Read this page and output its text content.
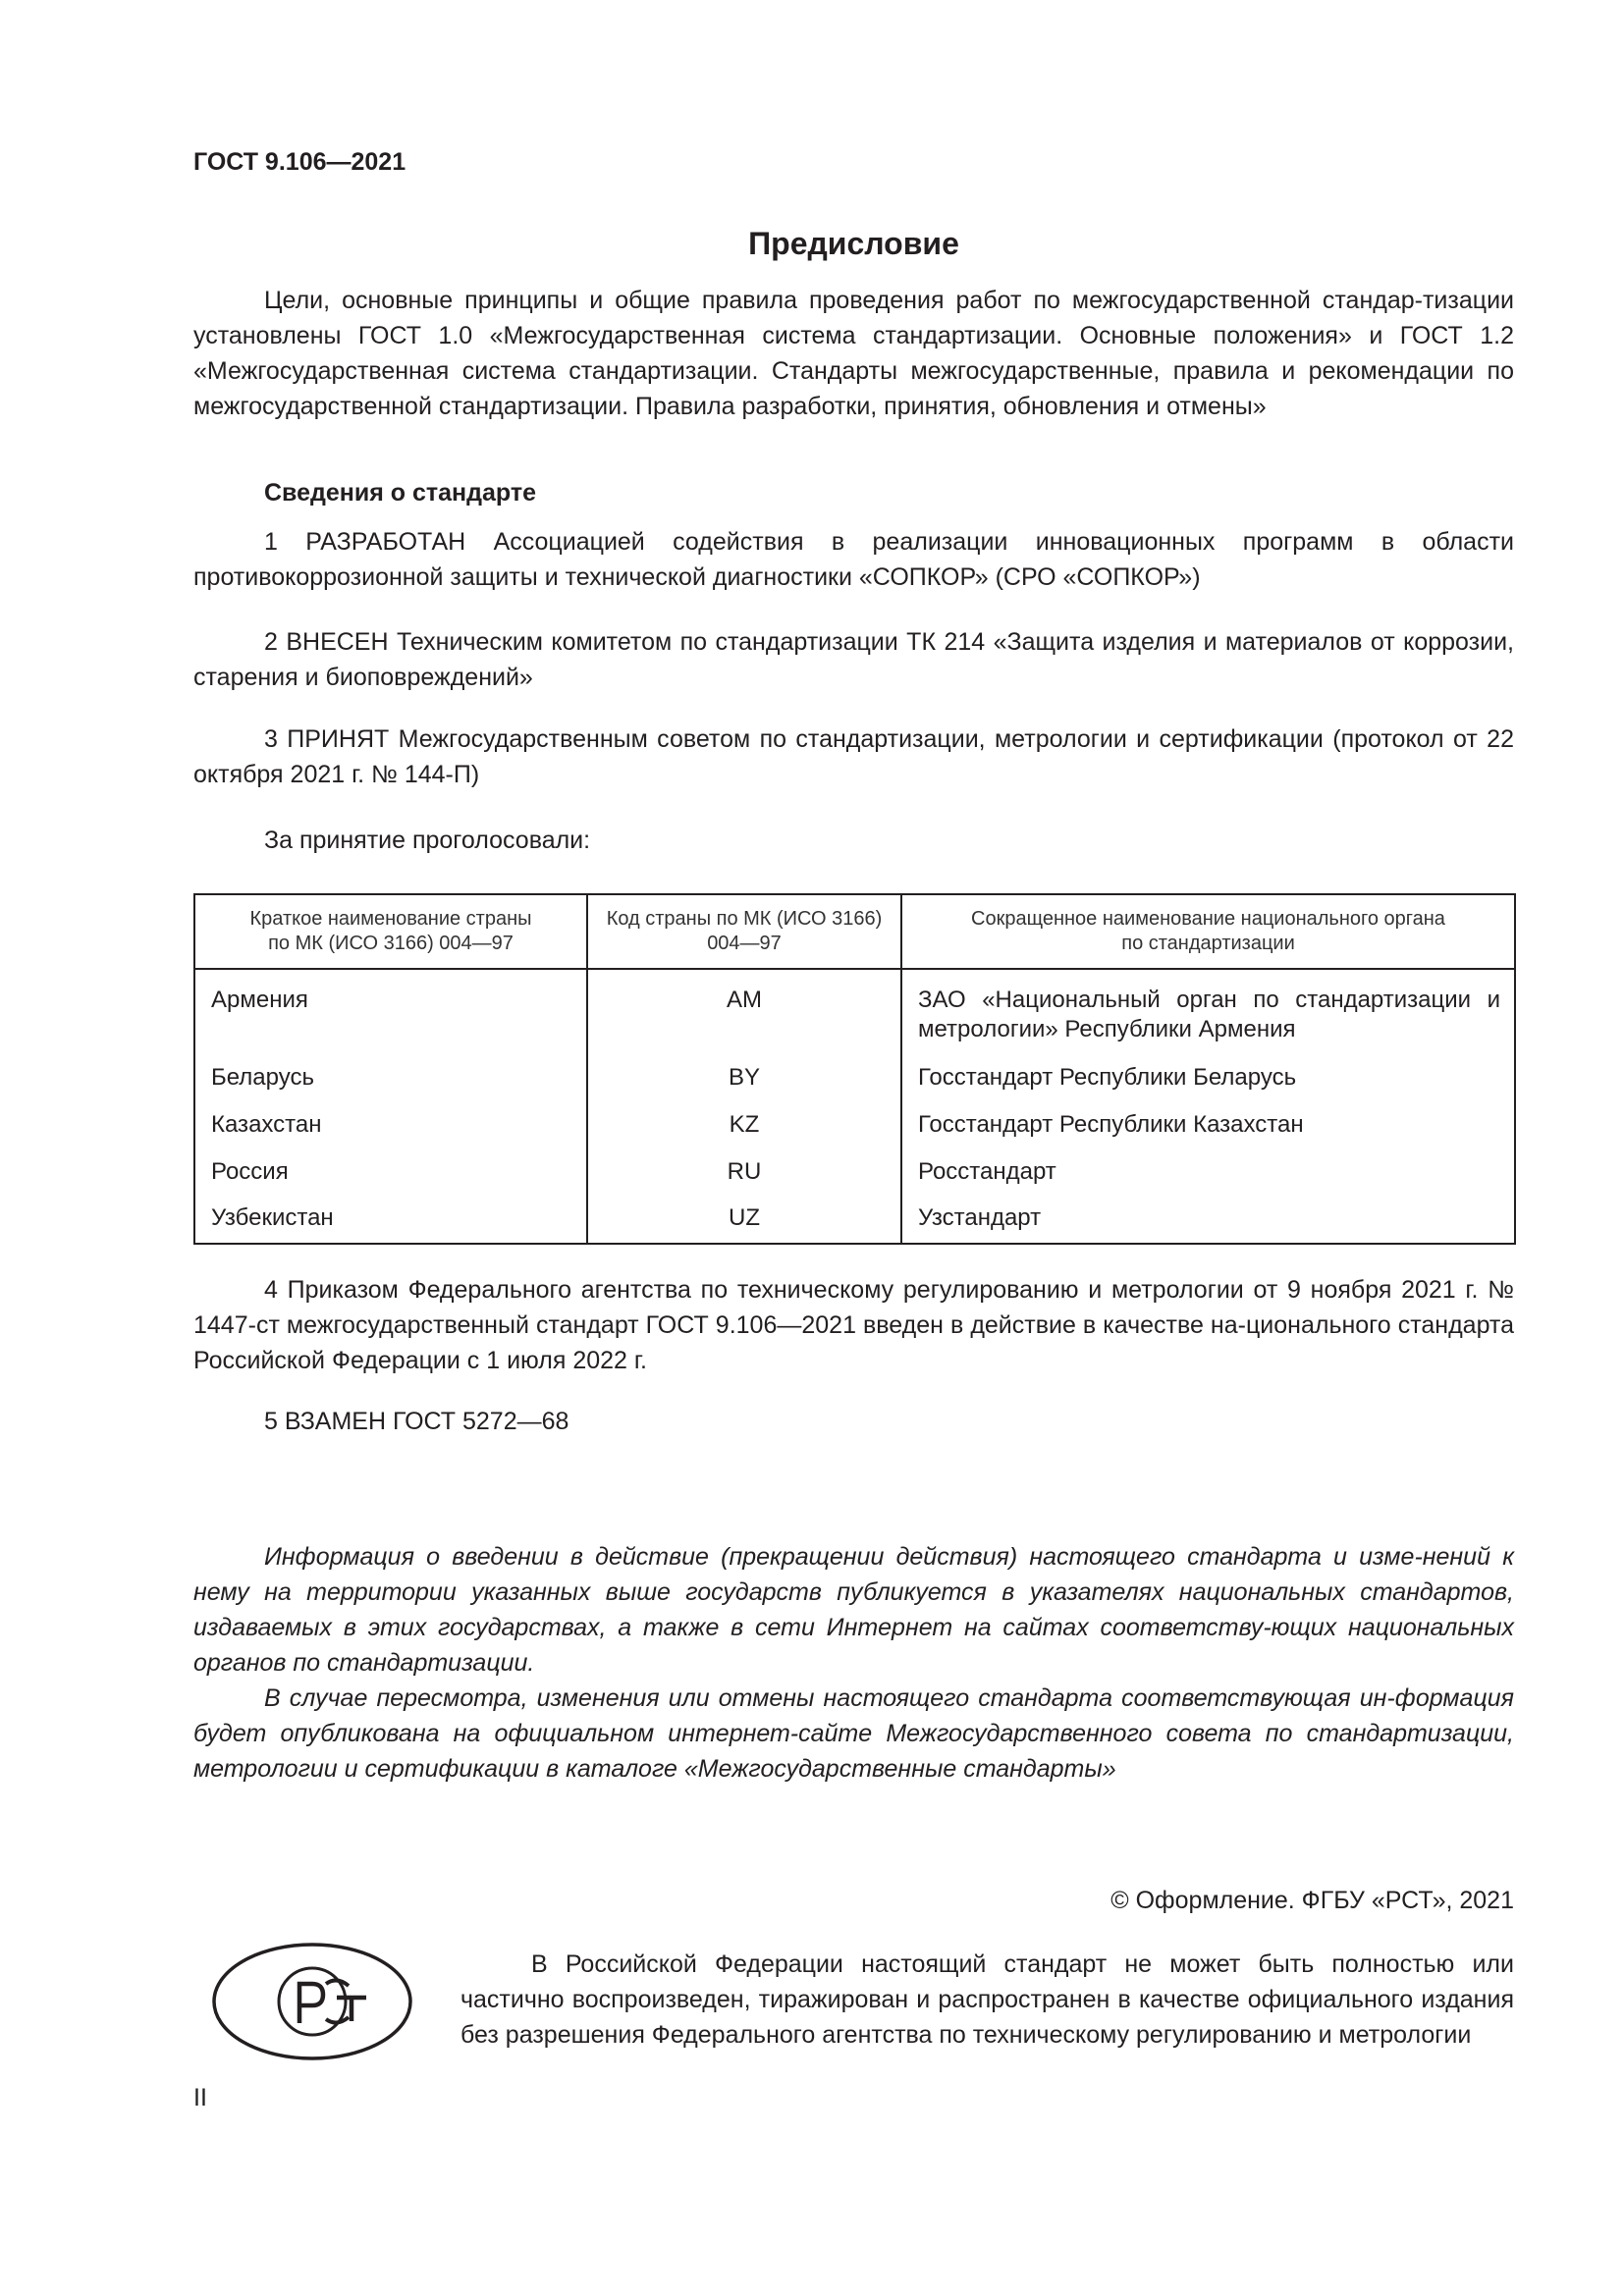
ГОСТ 9.106—2021
Предисловие
Цели, основные принципы и общие правила проведения работ по межгосударственной стандар-тизации установлены ГОСТ 1.0 «Межгосударственная система стандартизации. Основные положения» и ГОСТ 1.2 «Межгосударственная система стандартизации. Стандарты межгосударственные, правила и рекомендации по межгосударственной стандартизации. Правила разработки, принятия, обновления и отмены»
Сведения о стандарте
1 РАЗРАБОТАН Ассоциацией содействия в реализации инновационных программ в области противокоррозионной защиты и технической диагностики «СОПКОР» (СРО «СОПКОР»)
2 ВНЕСЕН Техническим комитетом по стандартизации ТК 214 «Защита изделия и материалов от коррозии, старения и биоповреждений»
3 ПРИНЯТ Межгосударственным советом по стандартизации, метрологии и сертификации (протокол от 22 октября 2021 г. № 144-П)
За принятие проголосовали:
Краткое наименование страны по МК (ИСО 3166) 004—97	Код страны по МК (ИСО 3166) 004—97	Сокращенное наименование национального органа по стандартизации

Армения	AM	ЗАО «Национальный орган по стандартизации и метрологии» Республики Армения
Беларусь	BY	Госстандарт Республики Беларусь
Казахстан	KZ	Госстандарт Республики Казахстан
Россия	RU	Росстандарт
Узбекистан	UZ	Узстандарт
4 Приказом Федерального агентства по техническому регулированию и метрологии от 9 ноября 2021 г. № 1447-ст межгосударственный стандарт ГОСТ 9.106—2021 введен в действие в качестве на-ционального стандарта Российской Федерации с 1 июля 2022 г.
5 ВЗАМЕН ГОСТ 5272—68
Информация о введении в действие (прекращении действия) настоящего стандарта и изме-нений к нему на территории указанных выше государств публикуется в указателях национальных стандартов, издаваемых в этих государствах, а также в сети Интернет на сайтах соответству-ющих национальных органов по стандартизации.
В случае пересмотра, изменения или отмены настоящего стандарта соответствующая ин-формация будет опубликована на официальном интернет-сайте Межгосударственного совета по стандартизации, метрологии и сертификации в каталоге «Межгосударственные стандарты»
© Оформление. ФГБУ «РСТ», 2021
В Российской Федерации настоящий стандарт не может быть полностью или частично воспроизведен, тиражирован и распространен в качестве официального издания без разрешения Федерального агентства по техническому регулированию и метрологии
II
